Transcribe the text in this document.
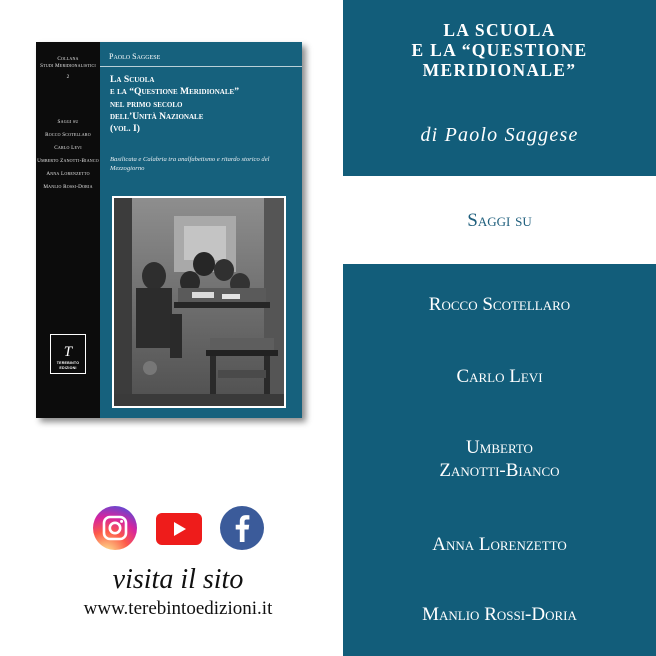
Collana
Studi Meridionalistici
2
Saggi su
Rocco Scotellaro
Carlo Levi
Umberto Zanotti-Bianco
Anna Lorenzetto
Manlio Rossi-Doria
t
TEREBINTO EDIZIONI
Paolo Saggese
La Scuola
e la “Questione Meridionale”
nel primo secolo
dell’Unità Nazionale
(vol. I)
Basilicata e Calabria tra analfabetismo e ritardo storico del Mezzogiorno
LA SCUOLA
E LA “QUESTIONE
MERIDIONALE”
di Paolo Saggese
Saggi su
Rocco Scotellaro
Carlo Levi
Umberto
Zanotti-Bianco
Anna Lorenzetto
Manlio Rossi-Doria
visita il sito
www.terebintoedizioni.it
